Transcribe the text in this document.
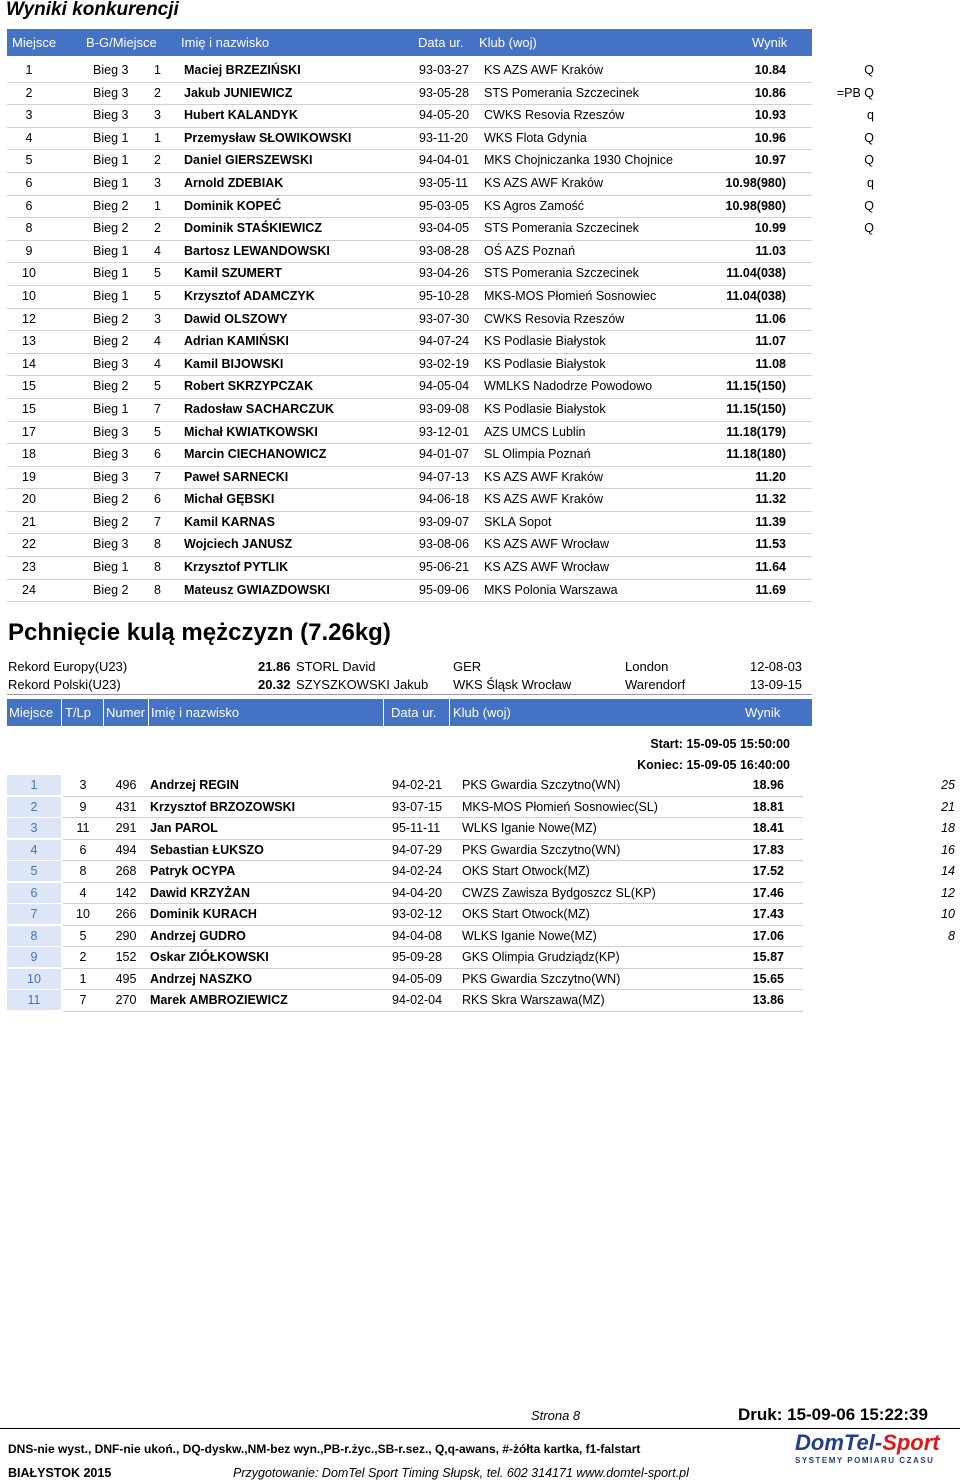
Wyniki konkurencji
Miejsce B-G/Miejsce Imię i nazwisko	Data ur. Klub (woj)	Wynik
1	Bieg 3 1 Maciej BRZEZIŃSKI	93-03-27 KS AZS AWF Kraków	10.84	Q
2	Bieg 3 2 Jakub JUNIEWICZ	93-05-28 STS Pomerania Szczecinek	10.86	=PB Q
3	Bieg 3 3 Hubert KALANDYK	94-05-20 CWKS Resovia Rzeszów	10.93	q
4	Bieg 1 1 Przemysław SŁOWIKOWSKI	93-11-20 WKS Flota Gdynia	10.96	Q
5	Bieg 1 2 Daniel GIERSZEWSKI	94-04-01 MKS Chojniczanka 1930 Chojnice	10.97	Q
6	Bieg 1 3 Arnold ZDEBIAK	93-05-11 KS AZS AWF Kraków	10.98(980)	q
6	Bieg 2 1 Dominik KOPEĆ	95-03-05 KS Agros Zamość	10.98(980)	Q
8	Bieg 2 2 Dominik STAŚKIEWICZ	93-04-05 STS Pomerania Szczecinek	10.99	Q
9	Bieg 1 4 Bartosz LEWANDOWSKI	93-08-28 OŚ AZS Poznań	11.03
10	Bieg 1 5 Kamil SZUMERT	93-04-26 STS Pomerania Szczecinek	11.04(038)
10	Bieg 1 5 Krzysztof ADAMCZYK	95-10-28 MKS-MOS Płomień Sosnowiec	11.04(038)
12	Bieg 2 3 Dawid OLSZOWY	93-07-30 CWKS Resovia Rzeszów	11.06
13	Bieg 2 4 Adrian KAMIŃSKI	94-07-24 KS Podlasie Białystok	11.07
14	Bieg 3 4 Kamil BIJOWSKI	93-02-19 KS Podlasie Białystok	11.08
15	Bieg 2 5 Robert SKRZYPCZAK	94-05-04 WMLKS Nadodrze Powodowo	11.15(150)
15	Bieg 1 7 Radosław SACHARCZUK	93-09-08 KS Podlasie Białystok	11.15(150)
17	Bieg 3 5 Michał KWIATKOWSKI	93-12-01 AZS UMCS Lublin	11.18(179)
18	Bieg 3 6 Marcin CIECHANOWICZ	94-01-07 SL Olimpia Poznań	11.18(180)
19	Bieg 3 7 Paweł SARNECKI	94-07-13 KS AZS AWF Kraków	11.20
20	Bieg 2 6 Michał GĘBSKI	94-06-18 KS AZS AWF Kraków	11.32
21	Bieg 2 7 Kamil KARNAS	93-09-07 SKLA Sopot	11.39
22	Bieg 3 8 Wojciech JANUSZ	93-08-06 KS AZS AWF Wrocław	11.53
23	Bieg 1 8 Krzysztof PYTLIK	95-06-21 KS AZS AWF Wrocław	11.64
24	Bieg 2 8 Mateusz GWIAZDOWSKI	95-09-06 MKS Polonia Warszawa	11.69
Pchnięcie kulą mężczyzn (7.26kg)
Rekord Europy(U23)	21.86 STORL David	GER	London	12-08-03
Rekord Polski(U23)	20.32 SZYSZKOWSKI Jakub WKS Śląsk Wrocław	Warendorf	13-09-15
Miejsce T/Lp	Numer Imię i nazwisko	Data ur.	Klub (woj)	Wynik
Start: 15-09-05 15:50:00
Koniec: 15-09-05 16:40:00
1	3	496	Andrzej REGIN	94-02-21 PKS Gwardia Szczytno(WN)	18.96	25
2	9	431	Krzysztof BRZOZOWSKI	93-07-15 MKS-MOS Płomień Sosnowiec(SL)	18.81	21
3	11	291	Jan PAROL	95-11-11 WLKS Iganie Nowe(MZ)	18.41	18
4	6	494	Sebastian ŁUKSZO	94-07-29 PKS Gwardia Szczytno(WN)	17.83	16
5	8	268	Patryk OCYPA	94-02-24 OKS Start Otwock(MZ)	17.52	14
6	4	142	Dawid KRZYŻAN	94-04-20 CWZS Zawisza Bydgoszcz SL(KP)	17.46	12
7	10	266	Dominik KURACH	93-02-12 OKS Start Otwock(MZ)	17.43	10
8	5	290	Andrzej GUDRO	94-04-08 WLKS Iganie Nowe(MZ)	17.06	8
9	2	152	Oskar ZIÓŁKOWSKI	95-09-28 GKS Olimpia Grudziądz(KP)	15.87
10	1	495	Andrzej NASZKO	94-05-09 PKS Gwardia Szczytno(WN)	15.65
11	7	270	Marek AMBROZIEWICZ	94-02-04 RKS Skra Warszawa(MZ)	13.86
Strona 8	Druk: 15-09-06 15:22:39
DNS-nie wyst., DNF-nie ukoń., DQ-dyskw.,NM-bez wyn.,PB-r.życ.,SB-r.sez., Q,q-awans, #-żółta kartka, f1-falstart
BIAŁYSTOK 2015	Przygotowanie: DomTel Sport Timing Słupsk, tel. 602 314171 www.domtel-sport.pl
DomTel-Sport
SYSTEMY POMIARU CZASU
